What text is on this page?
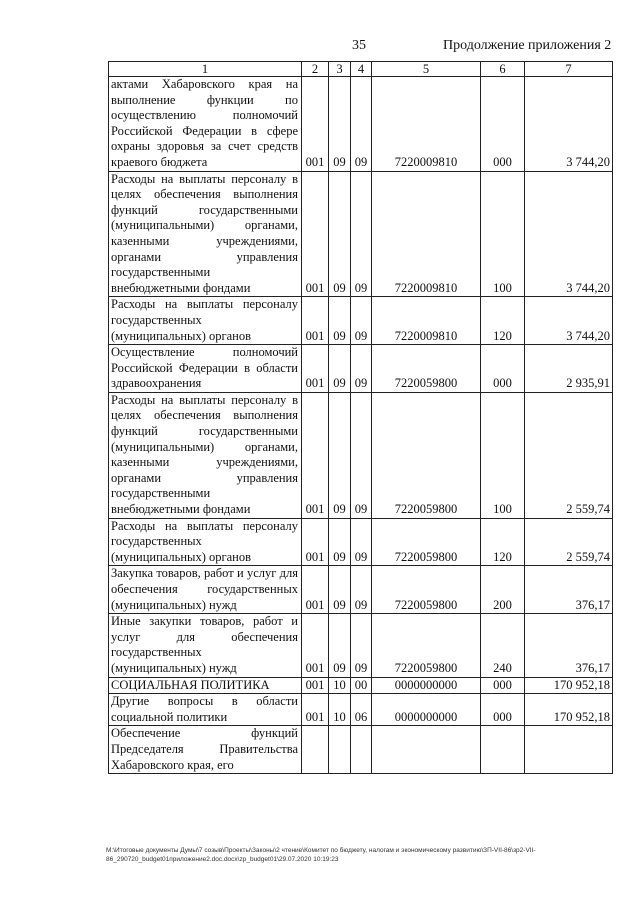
35	Продолжение приложения 2
1	2	3	4	5	6	7
актами Хабаровского края на выполнение функции по осуществлению полномочий Российской Федерации в сфере охраны здоровья за счет средств краевого бюджета	001	09	09	7220009810	000	3 744,20
Расходы на выплаты персоналу в целях обеспечения выполнения функций государственными (муниципальными) органами, казенными учреждениями, органами управления государственными внебюджетными фондами	001	09	09	7220009810	100	3 744,20
Расходы на выплаты персоналу государственных (муниципальных) органов	001	09	09	7220009810	120	3 744,20
Осуществление полномочий Российской Федерации в области здравоохранения	001	09	09	7220059800	000	2 935,91
Расходы на выплаты персоналу в целях обеспечения выполнения функций государственными (муниципальными) органами, казенными учреждениями, органами управления государственными внебюджетными фондами	001	09	09	7220059800	100	2 559,74
Расходы на выплаты персоналу государственных (муниципальных) органов	001	09	09	7220059800	120	2 559,74
Закупка товаров, работ и услуг для обеспечения государственных (муниципальных) нужд	001	09	09	7220059800	200	376,17
Иные закупки товаров, работ и услуг для обеспечения государственных (муниципальных) нужд	001	09	09	7220059800	240	376,17
СОЦИАЛЬНАЯ ПОЛИТИКА	001	10	00	0000000000	000	170 952,18
Другие вопросы в области социальной политики	001	10	06	0000000000	000	170 952,18
Обеспечение функций Председателя Правительства Хабаровского края, его						
M:\Итоговые документы Думы\7 созыв\Проекты\Законы\2 чтение\Комитет по бюджету, налогам и экономическому развитию\ЗП-VII-86\зр2-VII-86_290720_budget01приложение2.doc.docx\zp_budget01\29.07.2020 10:19:23
